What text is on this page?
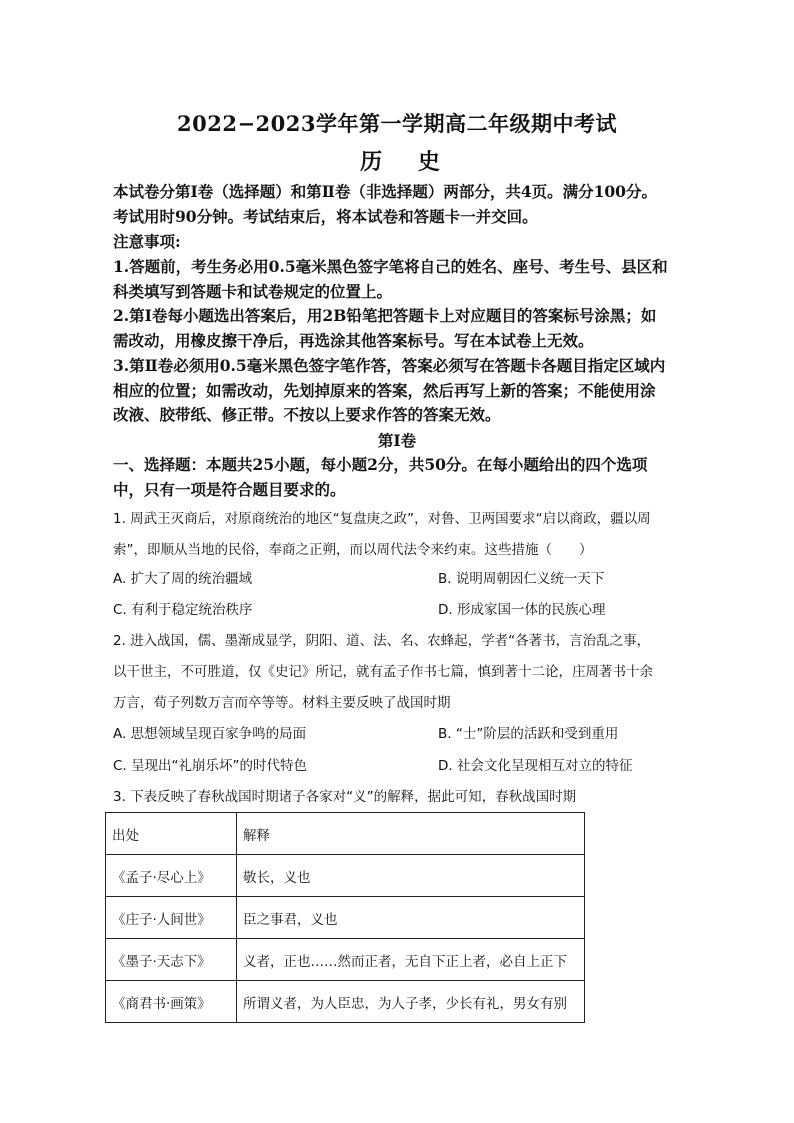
2022−2023学年第一学期高二年级期中考试
历 史
本试卷分第Ⅰ卷（选择题）和第Ⅱ卷（非选择题）两部分，共4页。满分100分。
考试用时90分钟。考试结束后，将本试卷和答题卡一并交回。
注意事项:
1.答题前，考生务必用0.5毫米黑色签字笔将自己的姓名、座号、考生号、县区和
科类填写到答题卡和试卷规定的位置上。
2.第Ⅰ卷每小题选出答案后，用2B铅笔把答题卡上对应题目的答案标号涂黑；如
需改动，用橡皮擦干净后，再选涂其他答案标号。写在本试卷上无效。
3.第Ⅱ卷必须用0.5毫米黑色签字笔作答，答案必须写在答题卡各题目指定区域内
相应的位置；如需改动，先划掉原来的答案，然后再写上新的答案；不能使用涂
改液、胶带纸、修正带。不按以上要求作答的答案无效。
第Ⅰ卷
一、选择题：本题共25小题，每小题2分，共50分。在每小题给出的四个选项
中，只有一项是符合题目要求的。
1. 周武王灭商后，对原商统治的地区“复盘庚之政”，对鲁、卫两国要求“启以商政，疆以周
索”，即顺从当地的民俗，奉商之正朔，而以周代法令来约束。这些措施（　　）
A. 扩大了周的统治疆域	B. 说明周朝因仁义统一天下
C. 有利于稳定统治秩序	D. 形成家国一体的民族心理
2. 进入战国，儒、墨渐成显学，阴阳、道、法、名、农蜂起，学者“各著书，言治乱之事，
以干世主，不可胜道，仅《史记》所记，就有孟子作书七篇，慎到著十二论，庄周著书十余
万言，荀子列数万言而卒等等。材料主要反映了战国时期
A. 思想领域呈现百家争鸣的局面	B. “士”阶层的活跃和受到重用
C. 呈现出“礼崩乐坏”的时代特色	D. 社会文化呈现相互对立的特征
3. 下表反映了春秋战国时期诸子各家对“义”的解释，据此可知，春秋战国时期
出处	解释
《孟子·尽心上》	敬长，义也
《庄子·人间世》	臣之事君，义也
《墨子·天志下》	义者，正也……然而正者，无自下正上者，必自上正下
《商君书·画策》	所谓义者，为人臣忠，为人子孝，少长有礼，男女有别
